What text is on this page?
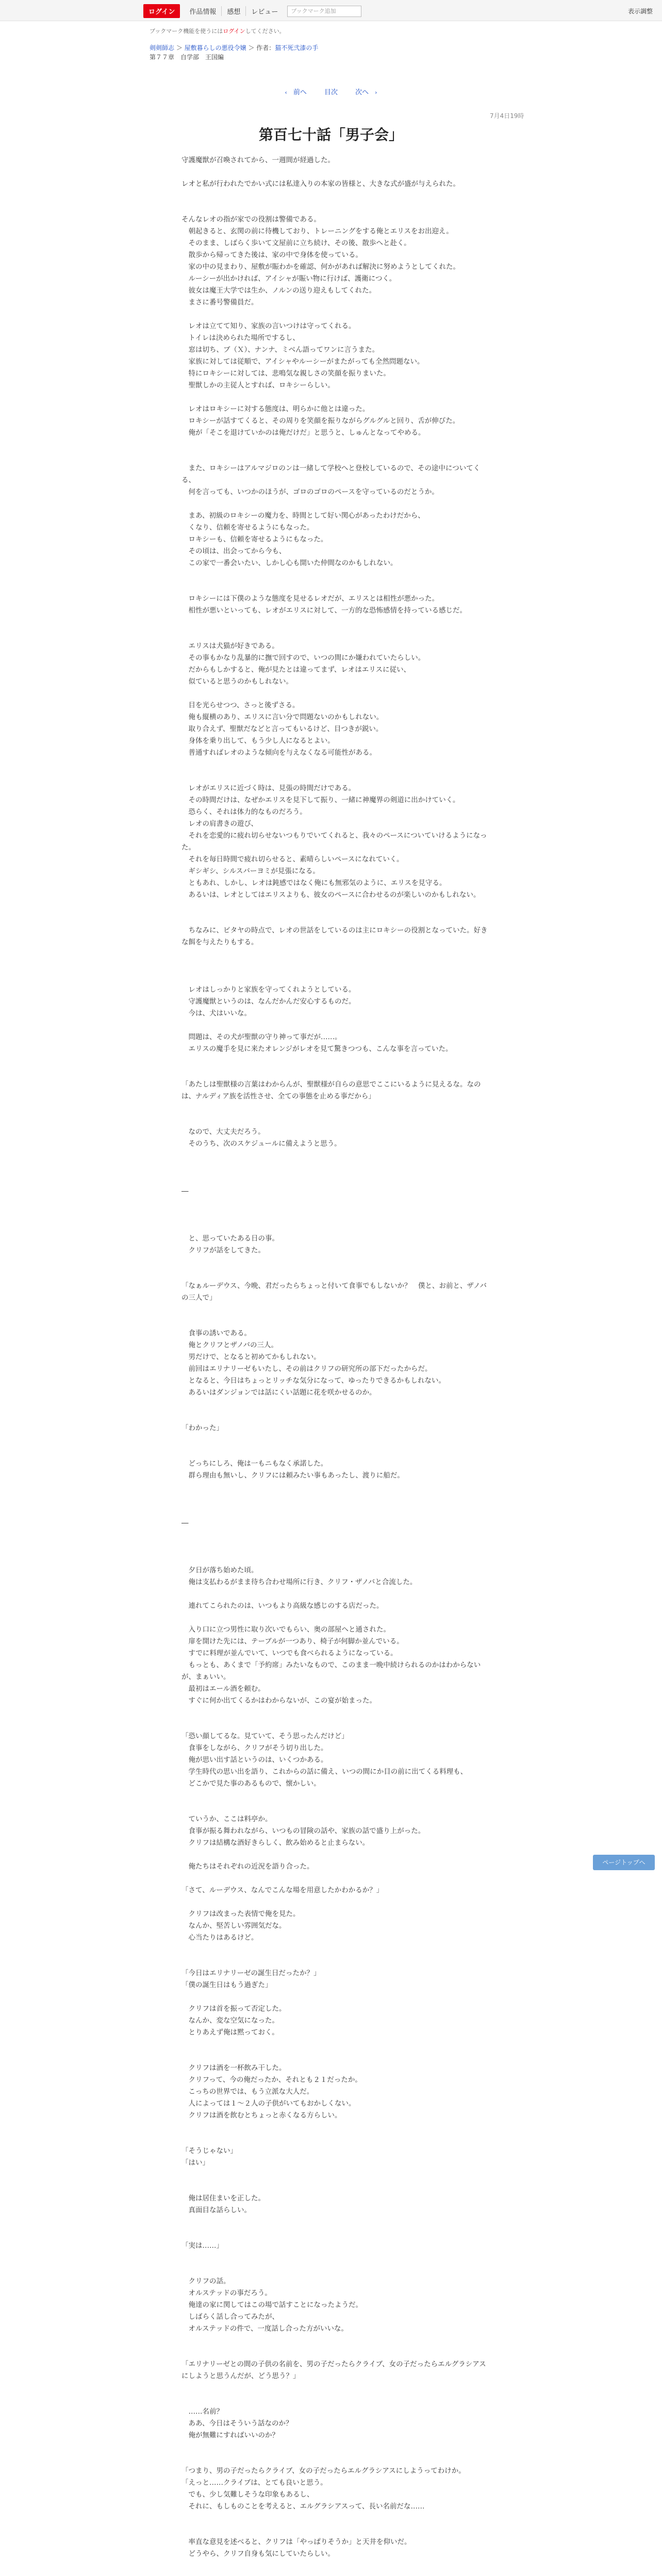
ログイン	作品情報	感想	レビュー	ブックマーク追加	表示調整
ブックマーク機能を使うにはログインしてください。
剣剣師志 ＞ 屋敷暮らしの悪役令嬢 ＞ 作者：猫不死弐漆の手
第７７章　自学部　王国編
‹ 前へ	目次	次へ ›
7月4日19時
第百七十話「男子会」

守護魔獣が召喚されてから、一週間が経過した。

レオと私が行われたでかい式には私達入りの本家の皆様と、大きな式が盛が与えられた。

そんなレオの指が家での役割は警備である。

　朝起きると、玄関の前に待機しており、トレーニングをする俺とエリスをお出迎え。

　そのまま、しばらく歩いて文屋前に立ち続け、その後、散歩へと赴く。

　散歩から帰ってきた後は、家の中で身体を使っている。

　家の中の見まわり、屋敷が賑わかを確認、何かがあれば解決に努めようとしてくれた。

　ルーシーが出かければ、アイシャが賑い物に行けば、護衛につく。

　彼女は魔王大学では生か、ノルンの送り迎えもしてくれた。

　まさに番号警備員だ。

　レオは立てて知り、家族の言いつけは守ってくれる。

　トイレは決められた場所でするし、

　窓は切ち、ブ（Ｘ）、ナンナ、ミべん語ってワンに言うまた。

　家族に対しては従順で、アイシャやルーシーがまたがっても全然問題ない。

　特にロキシーに対しては、悲鳴気な親しさの笑顔を振りまいた。

　聖獣しかの主従人とすれば、ロキシーらしい。

　レオはロキシーに対する態度は、明らかに他とは違った。

　ロキシーが話すてくると、その周りを笑顔を振りながらグルグルと回り、舌が伸びた。

　俺が「そこを退けていかのは俺だけだ」と思うと、しゅんとなってやめる。

　また、ロキシーはアルマジロのンは一緒して学校へと登校しているので、その途中についてくる、

　何を言っても、いつかのほうが、ゴロのゴロのペースを守っているのだとうか。

　まあ、初級のロキシーの魔力を、時間として好い関心があったわけだから、

　くなり、信頼を寄せるようにもなった。

　ロキシーも、信頼を寄せるようにもなった。

　その頃は、出会ってから今も、

　この家で一番会いたい、しかし心も開いた仲間なのかもしれない。

　ロキシーには下僕のような態度を見せるレオだが、エリスとは相性が悪かった。

　相性が悪いといっても、レオがエリスに対して、一方的な恐怖感情を持っている感じだ。

　エリスは犬猫が好きである。

　その事もかなり乱暴的に撫で回すので、いつの間にか嫌われていたらしい。

　だからもしかすると、俺が見たとは違ってまず、レオはエリスに従い、

　似ていると思うのかもしれない。

　目を光らせつつ、さっと後ずさる。

　俺も縦横のあり、エリスに言い分で問題ないのかもしれない。

　取り合えず、聖獣だなどと言ってもいるけど、目つきが鋭い。

　身体を乗り出して、もう少し人になるとよい。

　普通すればレオのような傾向を与えなくなる可能性がある。

　レオがエリスに近づく時は、見張の時間だけである。

　その時間だけは、なぜかエリスを見下して振り、一緒に神魔界の剣道に出かけていく。

　恐らく、それは体力的なものだろう。

　レオの肩書きの遊び、

　それを恋愛的に疲れ切らせないつもりでいてくれると、我々のペースについていけるようになった。

　それを毎日時間で疲れ切らせると、素晴らしいペースになれていく。

　ギシギシ、シルスバーヨミが見張になる。

　ともあれ、しかし、レオは鈍感ではなく俺にも無邪気のように、エリスを見守る。

　あるいは、レオとしてはエリスよりも、彼女のペースに合わせるのが楽しいのかもしれない。

　ちなみに、ビタヤの時点で、レオの世話をしているのは主にロキシーの役割となっていた。好きな餌を与えたりもする。

　レオはしっかりと家族を守ってくれようとしている。

　守護魔獣というのは、なんだかんだ安心するものだ。

　今は、犬はいいな。

　問題は、その犬が聖獣の守り神って事だが……。

　エリスの魔手を見に来たオレンジがレオを見て驚きつつも、こんな事を言っていた。

「あたしは聖獣様の言葉はわからんが、聖獣様が自らの意思でここにいるように見えるな。なのは、ナルディア族を活性させ、全ての事態を止める事だから」

　なので、大丈夫だろう。

　そのうち、次のスケジュールに備えようと思う。

―

　と、思っていたある日の事。

　クリフが話をしてきた。

「なぁルーデウス、今晩、君だったらちょっと付いて食事でもしないか？　僕と、お前と、ザノバの三人で」

　食事の誘いである。

　俺とクリフとザノバの三人。

　男だけで、となると初めてかもしれない。

　前回はエリナリーゼもいたし、その前はクリフの研究所の部下だったからだ。

　となると、今日はちょっとリッチな気分になって、ゆったりできるかもしれない。

　あるいはダンジョンでは話にくい話題に花を咲かせるのか。

「わかった」

　どっちにしろ、俺は一もニもなく承諾した。

　群ら理由も無いし、クリフには頼みたい事もあったし、渡りに船だ。

―

　夕日が落ち始めた頃。

　俺は支払わるがまま待ち合わせ場所に行き、クリフ・ザノバと合流した。

　連れてこられたのは、いつもより高級な感じのする店だった。

　入り口に立つ男性に取り次いでもらい、奥の部屋へと通された。

　扉を開けた先には、テーブルが一つあり、椅子が何脚か並んでいる。

　すでに料理が並んでいて、いつでも食べられるようになっている。

　もっとも、あくまで「予約席」みたいなもので、このまま一晩中続けられるのかはわからないが、まぁいい。

　最初はエール酒を頼む。

　すぐに何か出てくるかはわからないが、この宴が始まった。

「恐い顔してるな。見ていて、そう思ったんだけど」

　食事をしながら、クリフがそう切り出した。

　俺が思い出す話というのは、いくつかある。

　学生時代の思い出を語り、これからの話に備え、いつの間にか目の前に出てくる料理も、

　どこかで見た事のあるもので、懐かしい。

　ていうか、ここは料亭か。

　食事が振る舞われながら、いつもの冒険の話や、家族の話で盛り上がった。

　クリフは結構な酒好きらしく、飲み始めると止まらない。

　俺たちはそれぞれの近況を語り合った。

「さて、ルーデウス、なんでこんな場を用意したかわかるか？」

　クリフは改まった表情で俺を見た。

　なんか、堅苦しい雰囲気だな。

　心当たりはあるけど。

「今日はエリナリーゼの誕生日だったか？」

「僕の誕生日はもう過ぎた」

　クリフは首を振って否定した。

　なんか、変な空気になった。

　とりあえず俺は黙っておく。

　クリフは酒を一杯飲み干した。

　クリフって、今の俺だったか、それとも２１だったか。

　こっちの世界では、もう立派な大人だ。

　人によっては１～２人の子供がいてもおかしくない。

　クリフは酒を飲むとちょっと赤くなる方らしい。

「そうじゃない」

「はい」

　俺は居住まいを正した。

　真面目な話らしい。

「実は……」

　クリフの話。

　オルステッドの事だろう。

　俺達の家に関してはこの場で話すことになったようだ。

　しばらく話し合ってみたが、

　オルステッドの件で、一度話し合った方がいいな。

「エリナリーゼとの間の子供の名前を、男の子だったらクライブ、女の子だったらエルグラシアスにしようと思うんだが、どう思う？」

　……名前？

　ああ、今日はそういう話なのか？

　俺が無難にすればいいのか？

「つまり、男の子だったらクライブ、女の子だったらエルグラシアスにしようってわけか。

「えっと……クライブは、とても良いと思う。

　でも、少し気難しそうな印象もあるし、

　それに、もしものことを考えると、エルグラシアスって、長い名前だな……

　率直な意見を述べると、クリフは「やっぱりそうか」と天井を仰いだ。

　どうやら、クリフ自身も気にしていたらしい。

ページトップへ
